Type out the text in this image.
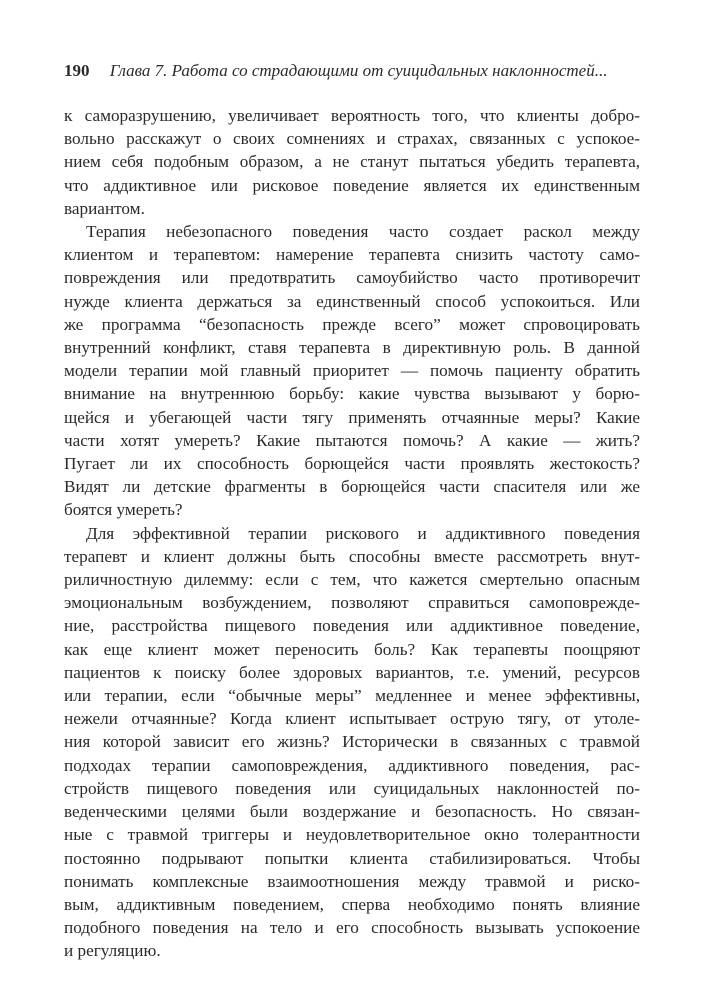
190 Глава 7. Работа со страдающими от суицидальных наклонностей...
к саморазрушению, увеличивает вероятность того, что клиенты добро-
вольно расскажут о своих сомнениях и страхах, связанных с успокое-
нием себя подобным образом, а не станут пытаться убедить терапевта,
что аддиктивное или рисковое поведение является их единственным
вариантом.
Терапия небезопасного поведения часто создает раскол между
клиентом и терапевтом: намерение терапевта снизить частоту само-
повреждения или предотвратить самоубийство часто противоречит
нужде клиента держаться за единственный способ успокоиться. Или
же программа “безопасность прежде всего” может спровоцировать
внутренний конфликт, ставя терапевта в директивную роль. В данной
модели терапии мой главный приоритет — помочь пациенту обратить
внимание на внутреннюю борьбу: какие чувства вызывают у борю-
щейся и убегающей части тягу применять отчаянные меры? Какие
части хотят умереть? Какие пытаются помочь? А какие — жить?
Пугает ли их способность борющейся части проявлять жестокость?
Видят ли детские фрагменты в борющейся части спасителя или же
боятся умереть?
Для эффективной терапии рискового и аддиктивного поведения
терапевт и клиент должны быть способны вместе рассмотреть внут-
риличностную дилемму: если с тем, что кажется смертельно опасным
эмоциональным возбуждением, позволяют справиться самоповрежде-
ние, расстройства пищевого поведения или аддиктивное поведение,
как еще клиент может переносить боль? Как терапевты поощряют
пациентов к поиску более здоровых вариантов, т.е. умений, ресурсов
или терапии, если “обычные меры” медленнее и менее эффективны,
нежели отчаянные? Когда клиент испытывает острую тягу, от утоле-
ния которой зависит его жизнь? Исторически в связанных с травмой
подходах терапии самоповреждения, аддиктивного поведения, рас-
стройств пищевого поведения или суицидальных наклонностей по-
веденческими целями были воздержание и безопасность. Но связан-
ные с травмой триггеры и неудовлетворительное окно толерантности
постоянно подрывают попытки клиента стабилизироваться. Чтобы
понимать комплексные взаимоотношения между травмой и риско-
вым, аддиктивным поведением, сперва необходимо понять влияние
подобного поведения на тело и его способность вызывать успокоение
и регуляцию.
